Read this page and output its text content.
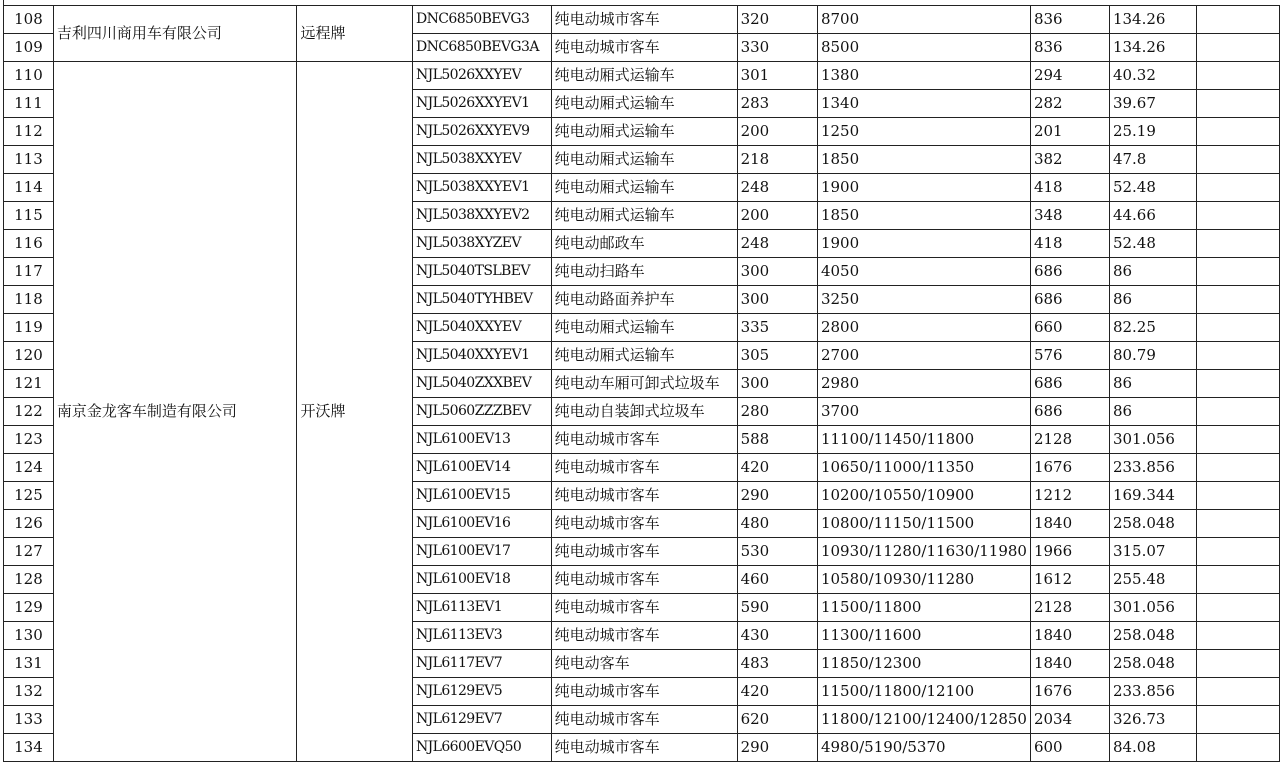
108	吉利四川商用车有限公司	远程牌	DNC6850BEVG3	纯电动城市客车	320	8700	836	134.26	
109			DNC6850BEVG3A	纯电动城市客车	330	8500	836	134.26	
110	南京金龙客车制造有限公司	开沃牌	NJL5026XXYEV	纯电动厢式运输车	301	1380	294	40.32	
111			NJL5026XXYEV1	纯电动厢式运输车	283	1340	282	39.67	
112			NJL5026XXYEV9	纯电动厢式运输车	200	1250	201	25.19	
113			NJL5038XXYEV	纯电动厢式运输车	218	1850	382	47.8	
114			NJL5038XXYEV1	纯电动厢式运输车	248	1900	418	52.48	
115			NJL5038XXYEV2	纯电动厢式运输车	200	1850	348	44.66	
116			NJL5038XYZEV	纯电动邮政车	248	1900	418	52.48	
117			NJL5040TSLBEV	纯电动扫路车	300	4050	686	86	
118			NJL5040TYHBEV	纯电动路面养护车	300	3250	686	86	
119			NJL5040XXYEV	纯电动厢式运输车	335	2800	660	82.25	
120			NJL5040XXYEV1	纯电动厢式运输车	305	2700	576	80.79	
121			NJL5040ZXXBEV	纯电动车厢可卸式垃圾车	300	2980	686	86	
122			NJL5060ZZZBEV	纯电动自装卸式垃圾车	280	3700	686	86	
123			NJL6100EV13	纯电动城市客车	588	11100/11450/11800	2128	301.056	
124			NJL6100EV14	纯电动城市客车	420	10650/11000/11350	1676	233.856	
125			NJL6100EV15	纯电动城市客车	290	10200/10550/10900	1212	169.344	
126			NJL6100EV16	纯电动城市客车	480	10800/11150/11500	1840	258.048	
127			NJL6100EV17	纯电动城市客车	530	10930/11280/11630/11980	1966	315.07	
128			NJL6100EV18	纯电动城市客车	460	10580/10930/11280	1612	255.48	
129			NJL6113EV1	纯电动城市客车	590	11500/11800	2128	301.056	
130			NJL6113EV3	纯电动城市客车	430	11300/11600	1840	258.048	
131			NJL6117EV7	纯电动客车	483	11850/12300	1840	258.048	
132			NJL6129EV5	纯电动城市客车	420	11500/11800/12100	1676	233.856	
133			NJL6129EV7	纯电动城市客车	620	11800/12100/12400/12850	2034	326.73	
134			NJL6600EVQ50	纯电动城市客车	290	4980/5190/5370	600	84.08	
